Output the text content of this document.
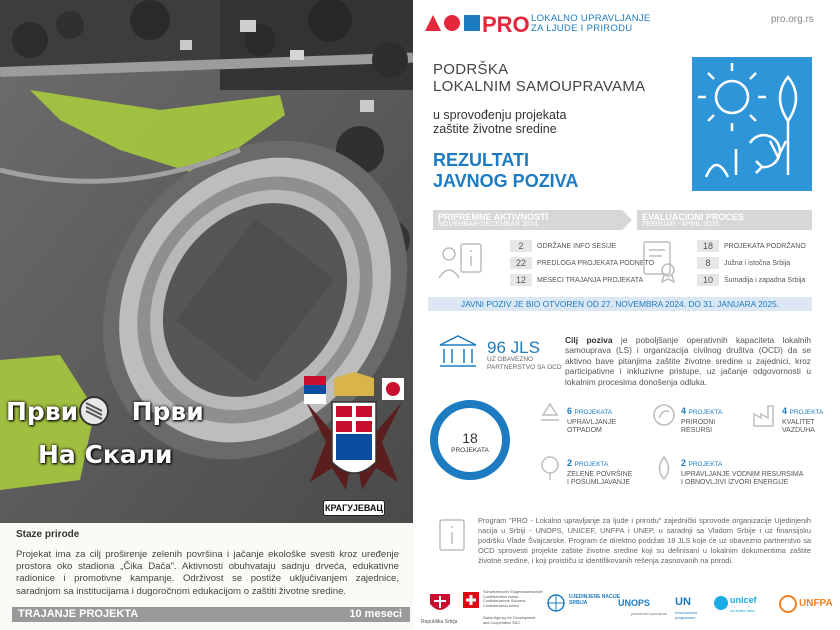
Први Први
На Скали
КРАГУЈЕВАЦ
Staze prirode

Projekat ima za cilj proširenje zelenih površina i jačanje ekološke svesti kroz uređenje prostora oko stadiona „Čika Dača". Aktivnosti obuhvataju sadnju drveća, edukativne radionice i promotivne kampanje. Održivost se postiže uključivanjem zajednice, saradnjom sa institucijama i dugoročnom edukacijom o zaštiti životne sredine.

TRAJANJE PROJEKTA	10 meseci
PRO LOKALNO UPRAVLJANJE
ZA LJUDE I PRIRODU
pro.org.rs
PODRŠKA
LOKALNIM SAMOUPRAVAMA
u sprovođenju projekata
zaštite životne sredine
REZULTATI
JAVNOG POZIVA
PRIPREMNE AKTIVNOSTI
NOVEMBAR-DECEMBAR 2024.
EVALUACIONI PROCES
FEBRUAR - APRIL 2025.
2	ODRŽANE INFO SESIJE
22	PREDLOGA PROJEKATA PODNETO
12	MESECI TRAJANJA PROJEKATA
18	PROJEKATA PODRŽANO
8	Južna i istočna Srbija
10	Šumadija i zapadna Srbija
JAVNI POZIV JE BIO OTVOREN OD 27. NOVEMBRA 2024. DO 31. JANUARA 2025.
96 JLS
UZ OBAVEZNO
PARTNERSTVO SA OCD
Cilj poziva je poboljšanje operativnih kapaciteta lokalnih samouprava (LS) i organizacija civilnog društva (OCD) da se aktivno bave pitanjima zaštite životne sredine u zajednici, kroz participativne i inkluzivne pristupe, uz jačanje odgovornosti u lokalnim procesima donošenja odluka.
18
PROJEKATA
6 PROJEKATA
UPRAVLJANJE
OTPADOM
4 PROJEKTA
PRIRODNI
RESURSI
4 PROJEKTA
KVALITET
VAZDUHA
2 PROJEKTA
ZELENE POVRŠINE
I POŠUMLJAVANJE
2 PROJEKTA
UPRAVLJANJE VODNIM RESURSIMA
I OBNOVLJIVI IZVORI ENERGIJE
Program "PRO - Lokalno upravljanje za ljude i prirodu" zajednički sprovode organizacije Ujedinjenih nacija u Srbiji - UNOPS, UNICEF, UNFPA i UNEP, u saradnji sa Vladom Srbije i uz finansijsku podršku Vlade Švajcarske. Program će direktno podržati 18 JLS koje će uz obavezno partnerstvo sa OCD sprovesti projekte zaštite životne sredine koji su definisani u lokalnim dokumentima zaštite životne sredine, i koji proističu iz identifikovanih rešenja zasnovanih na prirodi.
Republika Srbija
Schweizerische Eidgenossenschaft
Confédération suisse
Confederazione Svizzera
Confederaziun svizra
Swiss Agency for Development
and Cooperation SDC
UJEDINJENE NACIJE
SRBIJA	UNOPS
partnerski sporazum
UN
environment programme
unicef
za svako dete
UNFPA
